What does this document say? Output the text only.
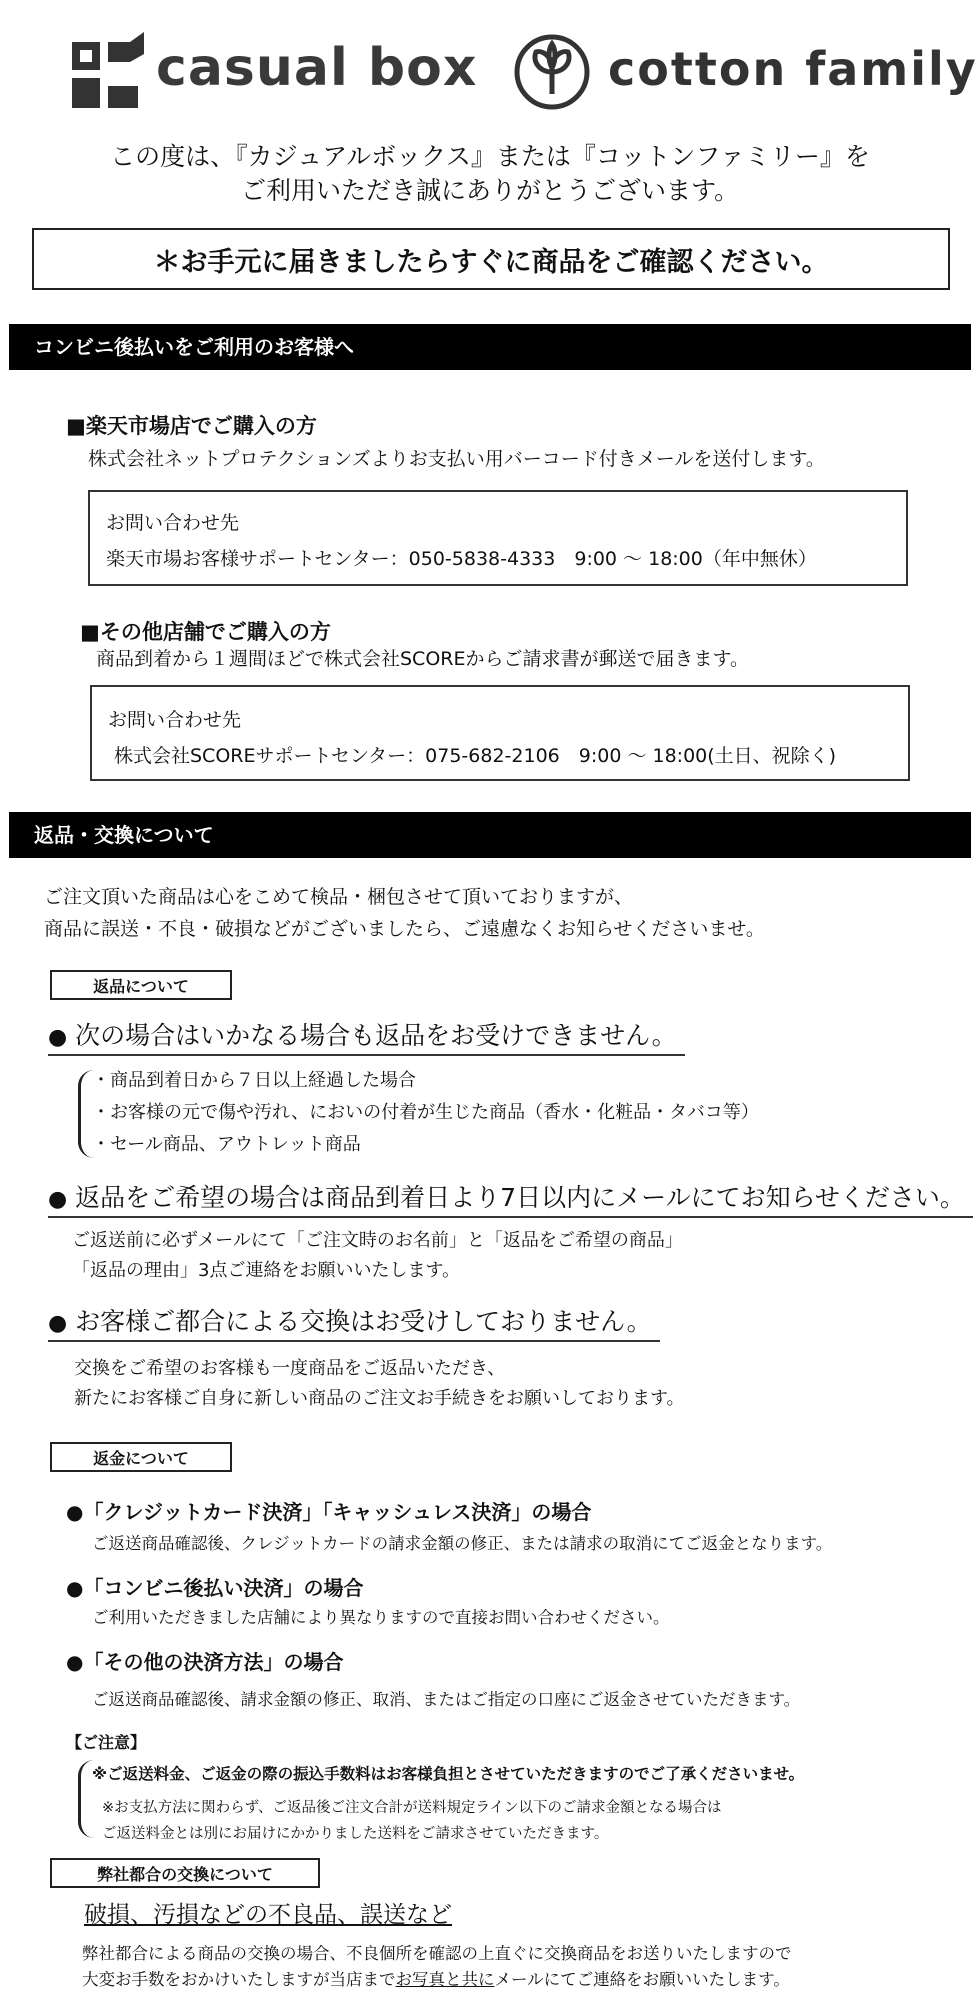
casual box	cotton family
この度は、『カジュアルボックス』または『コットンファミリー』を
ご利用いただき誠にありがとうございます。
＊お手元に届きましたらすぐに商品をご確認ください。
コンビニ後払いをご利用のお客様へ
■楽天市場店でご購入の方
株式会社ネットプロテクションズよりお支払い用バーコード付きメールを送付します。
お問い合わせ先
楽天市場お客様サポートセンター：050-5838-4333　9:00 ～ 18:00（年中無休）
■その他店舗でご購入の方
商品到着から１週間ほどで株式会社SCOREからご請求書が郵送で届きます。
お問い合わせ先
株式会社SCOREサポートセンター：075-682-2106　9:00 ～ 18:00(土日、祝除く)
返品・交換について
ご注文頂いた商品は心をこめて検品・梱包させて頂いておりますが、
商品に誤送・不良・破損などがございましたら、ご遠慮なくお知らせくださいませ。
返品について
● 次の場合はいかなる場合も返品をお受けできません。
・商品到着日から７日以上経過した場合
・お客様の元で傷や汚れ、においの付着が生じた商品（香水・化粧品・タバコ等）
・セール商品、アウトレット商品
● 返品をご希望の場合は商品到着日より7日以内にメールにてお知らせください。
ご返送前に必ずメールにて「ご注文時のお名前」と「返品をご希望の商品」
「返品の理由」3点ご連絡をお願いいたします。
● お客様ご都合による交換はお受けしておりません。
交換をご希望のお客様も一度商品をご返品いただき、
新たにお客様ご自身に新しい商品のご注文お手続きをお願いしております。
返金について
●「クレジットカード決済」「キャッシュレス決済」の場合
ご返送商品確認後、クレジットカードの請求金額の修正、または請求の取消にてご返金となります。
●「コンビニ後払い決済」の場合
ご利用いただきました店舗により異なりますので直接お問い合わせください。
●「その他の決済方法」の場合
ご返送商品確認後、請求金額の修正、取消、またはご指定の口座にご返金させていただきます。
【ご注意】
※ご返送料金、ご返金の際の振込手数料はお客様負担とさせていただきますのでご了承くださいませ。
※お支払方法に関わらず、ご返品後ご注文合計が送料規定ライン以下のご請求金額となる場合は
ご返送料金とは別にお届けにかかりました送料をご請求させていただきます。
弊社都合の交換について
破損、汚損などの不良品、誤送など
弊社都合による商品の交換の場合、不良個所を確認の上直ぐに交換商品をお送りいたしますので
大変お手数をおかけいたしますが当店までお写真と共にメールにてご連絡をお願いいたします。
